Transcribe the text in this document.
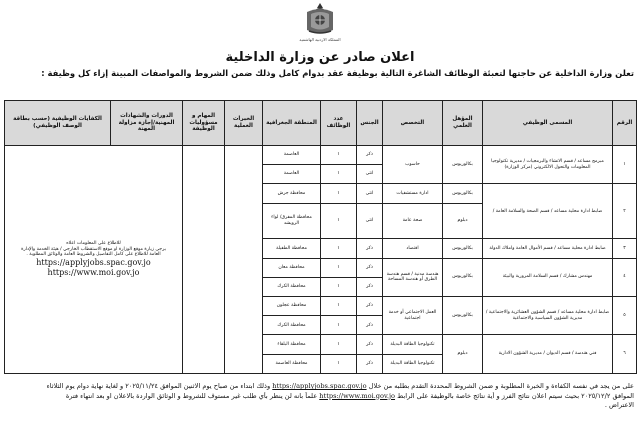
المملكة الاردنية الهاشمية
اعلان صادر عن وزارة الداخلية
تعلن وزارة الداخلية عن حاجتها لتعبئة الوظائف الشاغرة التالية بوظيفة عقد بدوام كامل وذلك ضمن الشروط والمواصفات المبينة إزاء كل وظيفة :
الرقم	المسمى الوظيفي	المؤهل العلمي	التخصص	الجنس	عدد الوظائف	المنطقة الجغرافية	الخبرات العملية	المهام و مسؤوليات الوظيفة	الدورات والشهادات المهنية/إجازة مزاولة المهنة	الكفايات الوظيفية (حسب بطاقة الوصف الوظيفي)
١	مبرمج مساعد / قسم الانشاء والبرمجيات / مديرية تكنولوجيا المعلومات والتحول الالكتروني (مركز الوزارة)	بكالوريوس	حاسوب	ذكر	١	العاصمة			للاطلاع على المعلومات اعلاه
يرجى زيارة موقع الوزارة او موقع الاستقطاب الخارجي / هيئة الخدمة والإدارة
العامة للاطلاع على كامل التفاصيل والشروط العامة والوثائق المطلوبة .
https://applyjobs.spac.gov.jo
https://www.moi.gov.jo	

				انثى	١	العاصمة				
٢	ضابط ادارة محلية مساعد / قسم الصحة والسلامة العامة /	بكالوريوس	ادارة مستشفيات	انثى	١	محافظة جرش				
		دبلوم	صحة عامة	انثى	١	محافظة المفرق/ لواء الرويشد				
٣	ضابط ادارة محلية مساعد / قسم الأموال العامة واملاك الدولة	بكالوريوس	اقتصاد	ذكر	١	محافظة الطفيلة				
٤	مهندس مشارك / قسم السلامة المرورية والبيئة	بكالوريوس	هندسة مدنية / قسم هندسة الطرق أو هندسة المساحة	ذكر	١	محافظة معان				
				ذكر	١	محافظة الكرك				
٥	ضابط ادارة محلية مساعد / قسم الشؤون العشائرية والاجتماعية / مديرية الشؤون السياسية والاجتماعية	بكالوريوس	العمل الاجتماعي أو خدمة اجتماعية	ذكر	١	محافظة عجلون				
				ذكر	١	محافظة الكرك				
٦	فني هندسة / قسم الديوان / مديرية الشؤون الادارية	دبلوم	تكنولوجيا الطاقة البديلة	ذكر	١	محافظة البلقاء				
			تكنولوجيا الطاقة البديلة	ذكر	١	محافظة العاصمة				
على من يجد في نفسه الكفاءة و الخبرة المطلوبة و ضمن الشروط المحددة التقدم بطلبه من خلال https://applyjobs.spac.gov.jo وذلك ابتداء من صباح يوم الاثنين الموافق ٢٠٢٥/١١/٢٤ و لغاية نهاية دوام يوم الثلاثاء
الموافق ٢٠٢٥/١٢/٢ بحيث سيتم اعلان نتائج الفرز و أية نتائج خاصة بالوظيفة على الرابط https://www.moi.gov.jo علماً بانه لن ينظر بأي طلب غير مستوف للشروط و الوثائق الواردة بالاعلان او بعد انتهاء فترة
الاعتراض .
